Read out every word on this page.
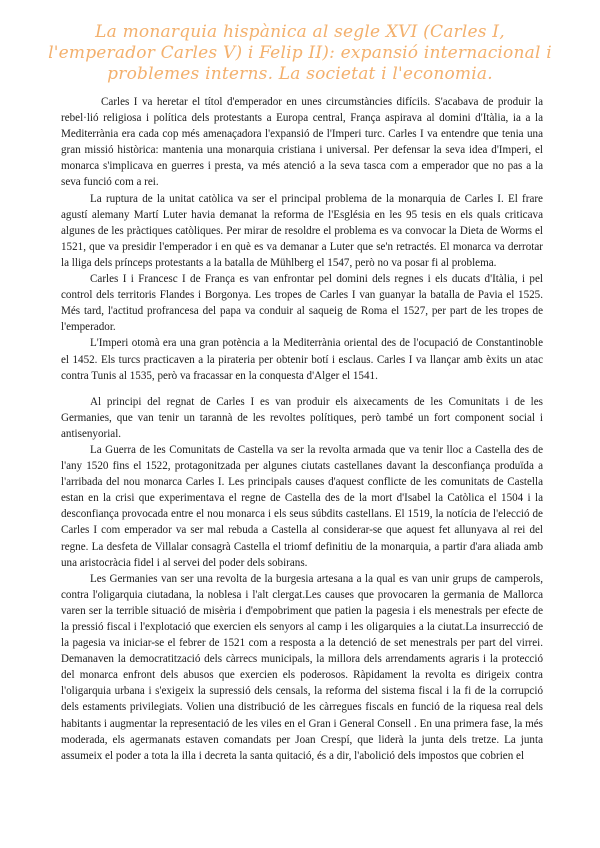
La monarquia hispànica al segle XVI (Carles I, l'emperador Carles V) i Felip II): expansió internacional i problemes interns. La societat i l'economia.

Carles I va heretar el títol d'emperador en unes circumstàncies difícils. S'acabava de produir la rebel·lió religiosa i política dels protestants a Europa central, França aspirava al domini d'Itàlia, ia a la Mediterrània era cada cop més amenaçadora l'expansió de l'Imperi turc. Carles I va entendre que tenia una gran missió històrica: mantenia una monarquia cristiana i universal. Per defensar la seva idea d'Imperi, el monarca s'implicava en guerres i presta, va més atenció a la seva tasca com a emperador que no pas a la seva funció com a rei.

La ruptura de la unitat catòlica va ser el principal problema de la monarquia de Carles I. El frare agustí alemany Martí Luter havia demanat la reforma de l'Església en les 95 tesis en els quals criticava algunes de les pràctiques catòliques. Per mirar de resoldre el problema es va convocar la Dieta de Worms el 1521, que va presidir l'emperador i en què es va demanar a Luter que se'n retractés. El monarca va derrotar la lliga dels prínceps protestants a la batalla de Mühlberg el 1547, però no va posar fi al problema.

Carles I i Francesc I de França es van enfrontar pel domini dels regnes i els ducats d'Itàlia, i pel control dels territoris Flandes i Borgonya. Les tropes de Carles I van guanyar la batalla de Pavia el 1525. Més tard, l'actitud profrancesa del papa va conduir al saqueig de Roma el 1527, per part de les tropes de l'emperador.

L'Imperi otomà era una gran potència a la Mediterrània oriental des de l'ocupació de Constantinoble el 1452. Els turcs practicaven a la pirateria per obtenir botí i esclaus. Carles I va llançar amb èxits un atac contra Tunis al 1535, però va fracassar en la conquesta d'Alger el 1541.

Al principi del regnat de Carles I es van produir els aixecaments de les Comunitats i de les Germanies, que van tenir un tarannà de les revoltes polítiques, però també un fort component social i antisenyorial.

La Guerra de les Comunitats de Castella va ser la revolta armada que va tenir lloc a Castella des de l'any 1520 fins el 1522, protagonitzada per algunes ciutats castellanes davant la desconfiança produïda a l'arribada del nou monarca Carles I. Les principals causes d'aquest conflicte de les comunitats de Castella estan en la crisi que experimentava el regne de Castella des de la mort d'Isabel la Catòlica el 1504 i la desconfiança provocada entre el nou monarca i els seus súbdits castellans. El 1519, la notícia de l'elecció de Carles I com emperador va ser mal rebuda a Castella al considerar-se que aquest fet allunyava al rei del regne. La desfeta de Villalar consagrà Castella el triomf definitiu de la monarquia, a partir d'ara aliada amb una aristocràcia fidel i al servei del poder dels sobirans.

Les Germanies van ser una revolta de la burgesia artesana a la qual es van unir grups de camperols, contra l'oligarquia ciutadana, la noblesa i l'alt clergat.Les causes que provocaren la germania de Mallorca varen ser la terrible situació de misèria i d'empobriment que patien la pagesia i els menestrals per efecte de la pressió fiscal i l'explotació que exercien els senyors al camp i les oligarquies a la ciutat.La insurrecció de la pagesia va iniciar-se el febrer de 1521 com a resposta a la detenció de set menestrals per part del virrei. Demanaven la democratització dels càrrecs municipals, la millora dels arrendaments agraris i la protecció del monarca enfront dels abusos que exercien els poderosos. Ràpidament la revolta es dirigeix contra l'oligarquia urbana i s'exigeix la supressió dels censals, la reforma del sistema fiscal i la fi de la corrupció dels estaments privilegiats. Volien una distribució de les càrregues fiscals en funció de la riquesa real dels habitants i augmentar la representació de les viles en el Gran i General Consell . En una primera fase, la més moderada, els agermanats estaven comandats per Joan Crespí, que liderà la junta dels tretze. La junta assumeix el poder a tota la illa i decreta la santa quitació, és a dir, l'abolició dels impostos que cobrien el
